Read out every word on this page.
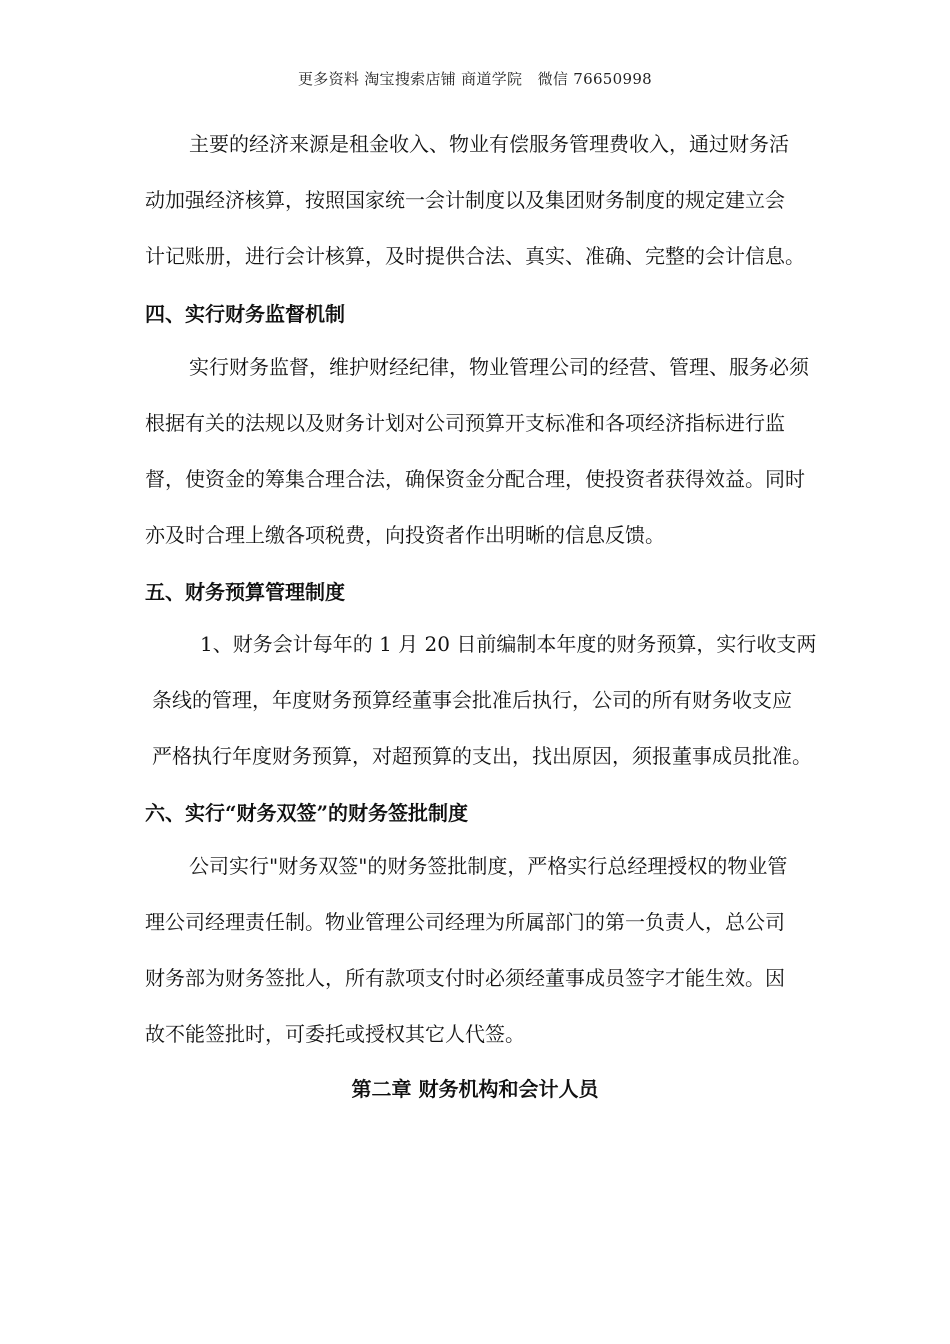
更多资料 淘宝搜索店铺 商道学院　微信 76650998

主要的经济来源是租金收入、物业有偿服务管理费收入，通过财务活

动加强经济核算，按照国家统一会计制度以及集团财务制度的规定建立会

计记账册，进行会计核算，及时提供合法、真实、准确、完整的会计信息。

四、实行财务监督机制

实行财务监督，维护财经纪律，物业管理公司的经营、管理、服务必须

根据有关的法规以及财务计划对公司预算开支标准和各项经济指标进行监

督，使资金的筹集合理合法，确保资金分配合理，使投资者获得效益。同时

亦及时合理上缴各项税费，向投资者作出明晰的信息反馈。

五、财务预算管理制度

1、财务会计每年的 1 月 20 日前编制本年度的财务预算，实行收支两

条线的管理，年度财务预算经董事会批准后执行，公司的所有财务收支应

严格执行年度财务预算，对超预算的支出，找出原因，须报董事成员批准。

六、实行“财务双签”的财务签批制度

公司实行"财务双签"的财务签批制度，严格实行总经理授权的物业管

理公司经理责任制。物业管理公司经理为所属部门的第一负责人，总公司

财务部为财务签批人，所有款项支付时必须经董事成员签字才能生效。因

故不能签批时，可委托或授权其它人代签。

第二章 财务机构和会计人员
